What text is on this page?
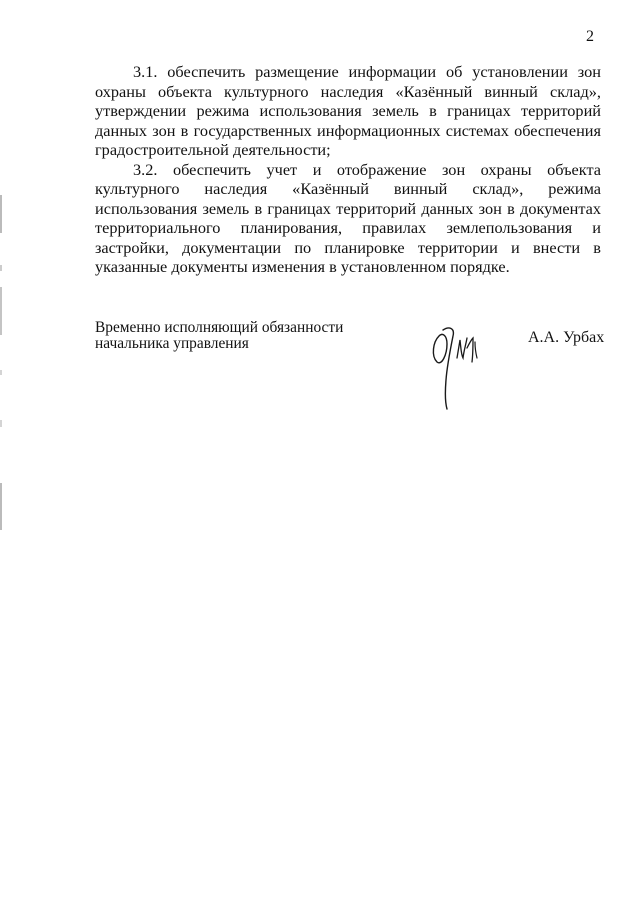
2

3.1. обеспечить размещение информации об установлении зон охраны объекта культурного наследия «Казённый винный склад», утверждении режима использования земель в границах территорий данных зон в государственных информационных системах обеспечения градостроительной деятельности;

3.2. обеспечить учет и отображение зон охраны объекта культурного наследия «Казённый винный склад», режима использования земель в границах территорий данных зон в документах территориального планирования, правилах землепользования и застройки, документации по планировке территории и внести в указанные документы изменения в установленном порядке.

Временно исполняющий обязанности
начальника управления	А.А. Урбах
